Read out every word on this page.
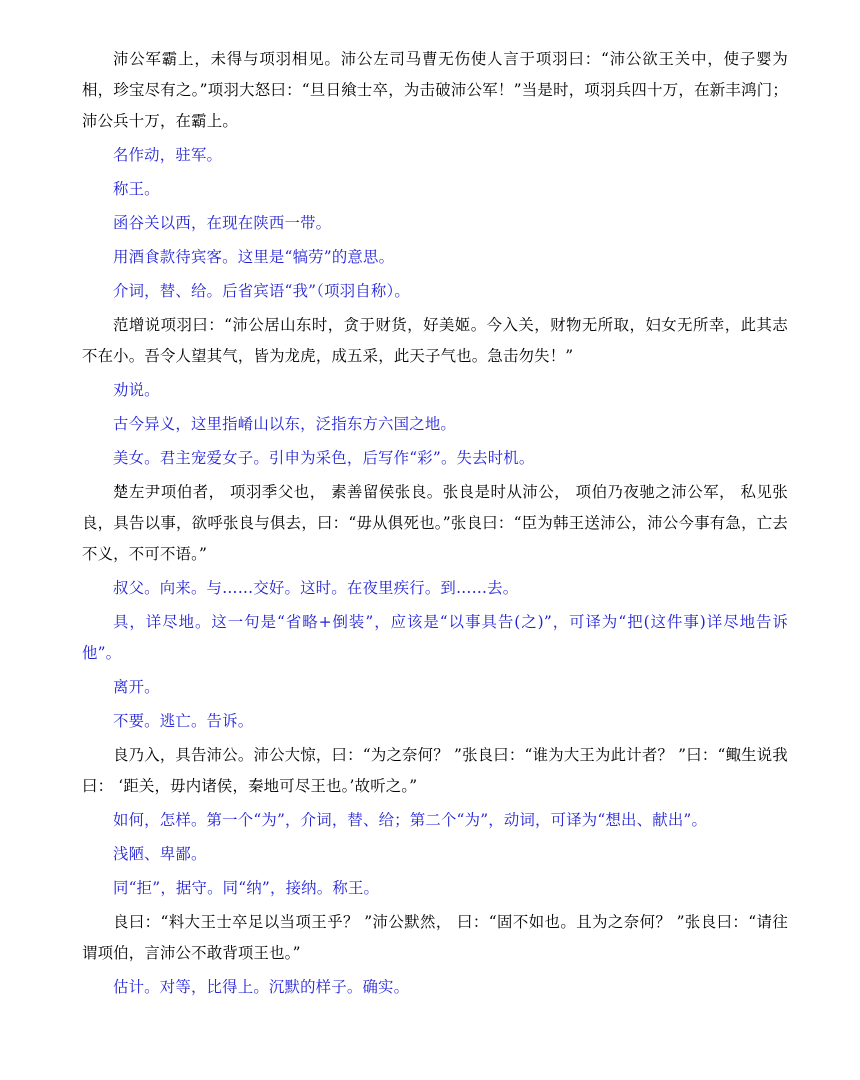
沛公军霸上，未得与项羽相见。沛公左司马曹无伤使人言于项羽曰：“沛公欲王关中，使子婴为相，珍宝尽有之。”项羽大怒曰：“旦日飨士卒，为击破沛公军！”当是时，项羽兵四十万，在新丰鸿门；沛公兵十万，在霸上。

名作动，驻军。

称王。

函谷关以西，在现在陕西一带。

用酒食款待宾客。这里是“犒劳”的意思。

介词，替、给。后省宾语“我”（项羽自称）。

范增说项羽曰：“沛公居山东时，贪于财货，好美姬。今入关，财物无所取，妇女无所幸，此其志不在小。吾令人望其气，皆为龙虎，成五采，此天子气也。急击勿失！”

劝说。

古今异义，这里指崤山以东，泛指东方六国之地。

美女。君主宠爱女子。引申为采色，后写作“彩”。失去时机。

楚左尹项伯者， 项羽季父也， 素善留侯张良。张良是时从沛公， 项伯乃夜驰之沛公军， 私见张良，具告以事，欲呼张良与俱去，曰：“毋从俱死也。”张良曰：“臣为韩王送沛公，沛公今事有急，亡去不义，不可不语。”

叔父。向来。与……交好。这时。在夜里疾行。到……去。

具，详尽地。这一句是“省略+倒装”，应该是“以事具告(之)”，可译为“把(这件事)详尽地告诉他”。

离开。

不要。逃亡。告诉。

良乃入，具告沛公。沛公大惊，曰：“为之奈何？ ”张良曰：“谁为大王为此计者？ ”曰：“鲰生说我曰： ‘距关，毋内诸侯，秦地可尽王也。’故听之。”

如何，怎样。第一个“为”，介词，替、给；第二个“为”，动词，可译为“想出、献出”。

浅陋、卑鄙。

同“拒”，据守。同“纳”，接纳。称王。

良曰：“料大王士卒足以当项王乎？ ”沛公默然， 曰：“固不如也。且为之奈何？ ”张良曰：“请往谓项伯，言沛公不敢背项王也。”

估计。对等，比得上。沉默的样子。确实。
